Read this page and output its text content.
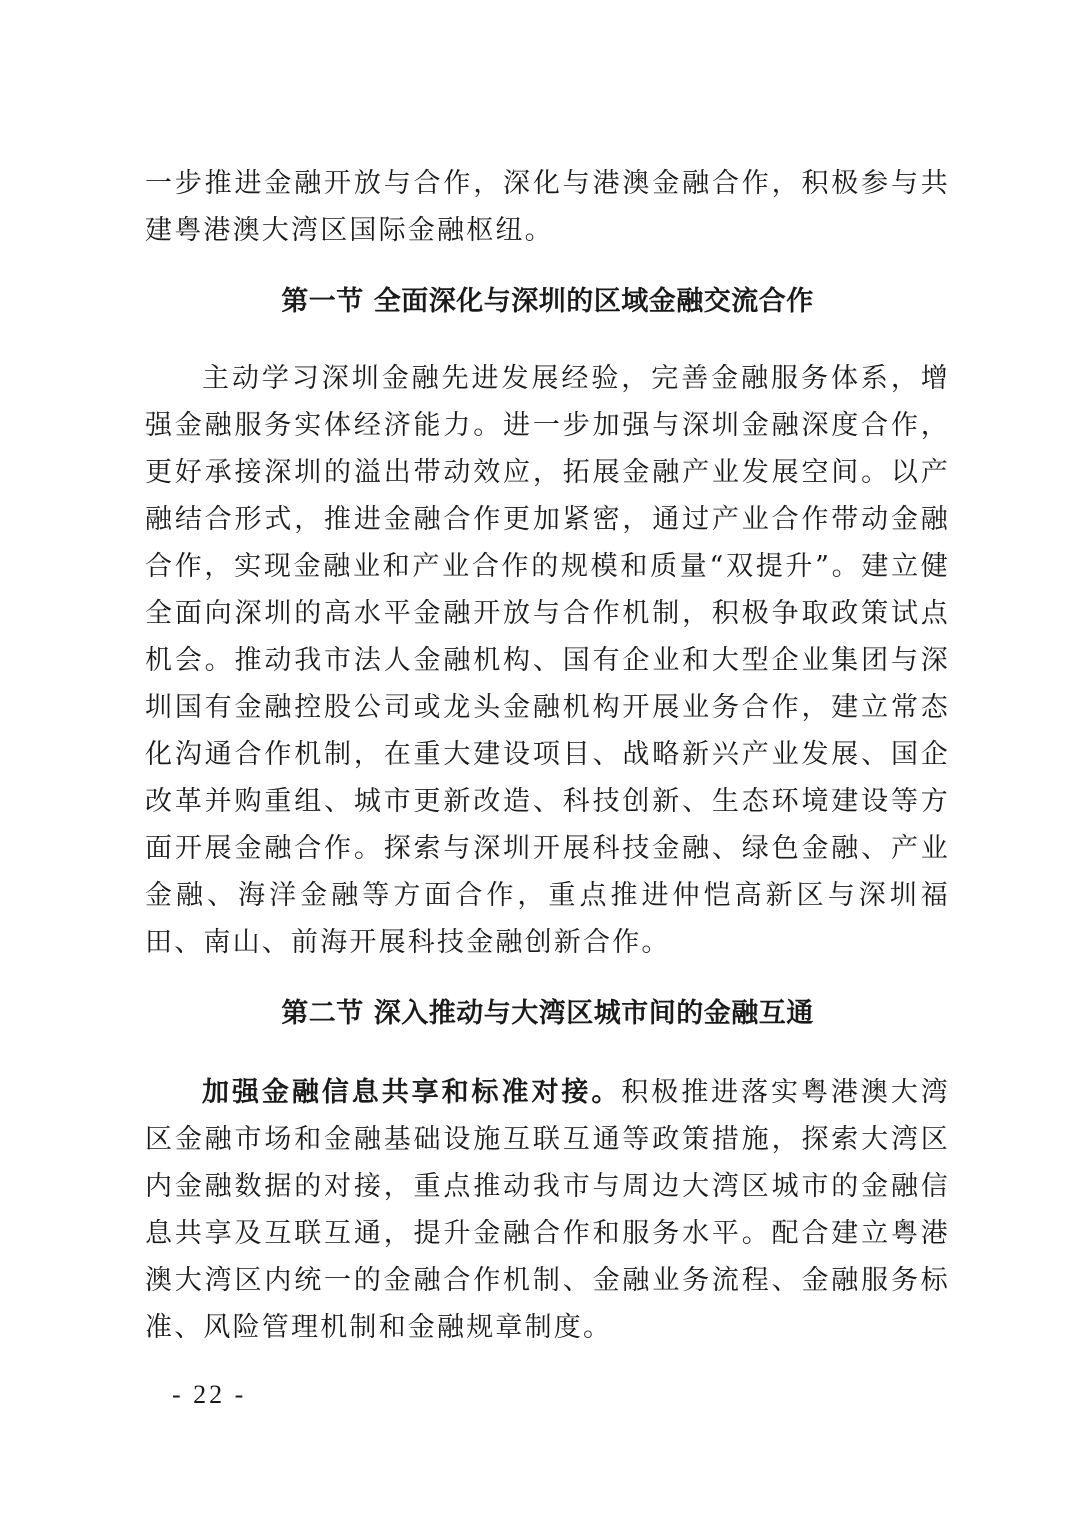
一步推进金融开放与合作，深化与港澳金融合作，积极参与共建粤港澳大湾区国际金融枢纽。

第一节 全面深化与深圳的区域金融交流合作

主动学习深圳金融先进发展经验，完善金融服务体系，增强金融服务实体经济能力。进一步加强与深圳金融深度合作，更好承接深圳的溢出带动效应，拓展金融产业发展空间。以产融结合形式，推进金融合作更加紧密，通过产业合作带动金融合作，实现金融业和产业合作的规模和质量“双提升”。建立健全面向深圳的高水平金融开放与合作机制，积极争取政策试点机会。推动我市法人金融机构、国有企业和大型企业集团与深圳国有金融控股公司或龙头金融机构开展业务合作，建立常态化沟通合作机制，在重大建设项目、战略新兴产业发展、国企改革并购重组、城市更新改造、科技创新、生态环境建设等方面开展金融合作。探索与深圳开展科技金融、绿色金融、产业金融、海洋金融等方面合作，重点推进仲恺高新区与深圳福田、南山、前海开展科技金融创新合作。

第二节 深入推动与大湾区城市间的金融互通

加强金融信息共享和标准对接。积极推进落实粤港澳大湾区金融市场和金融基础设施互联互通等政策措施，探索大湾区内金融数据的对接，重点推动我市与周边大湾区城市的金融信息共享及互联互通，提升金融合作和服务水平。配合建立粤港澳大湾区内统一的金融合作机制、金融业务流程、金融服务标准、风险管理机制和金融规章制度。

- 22 -
